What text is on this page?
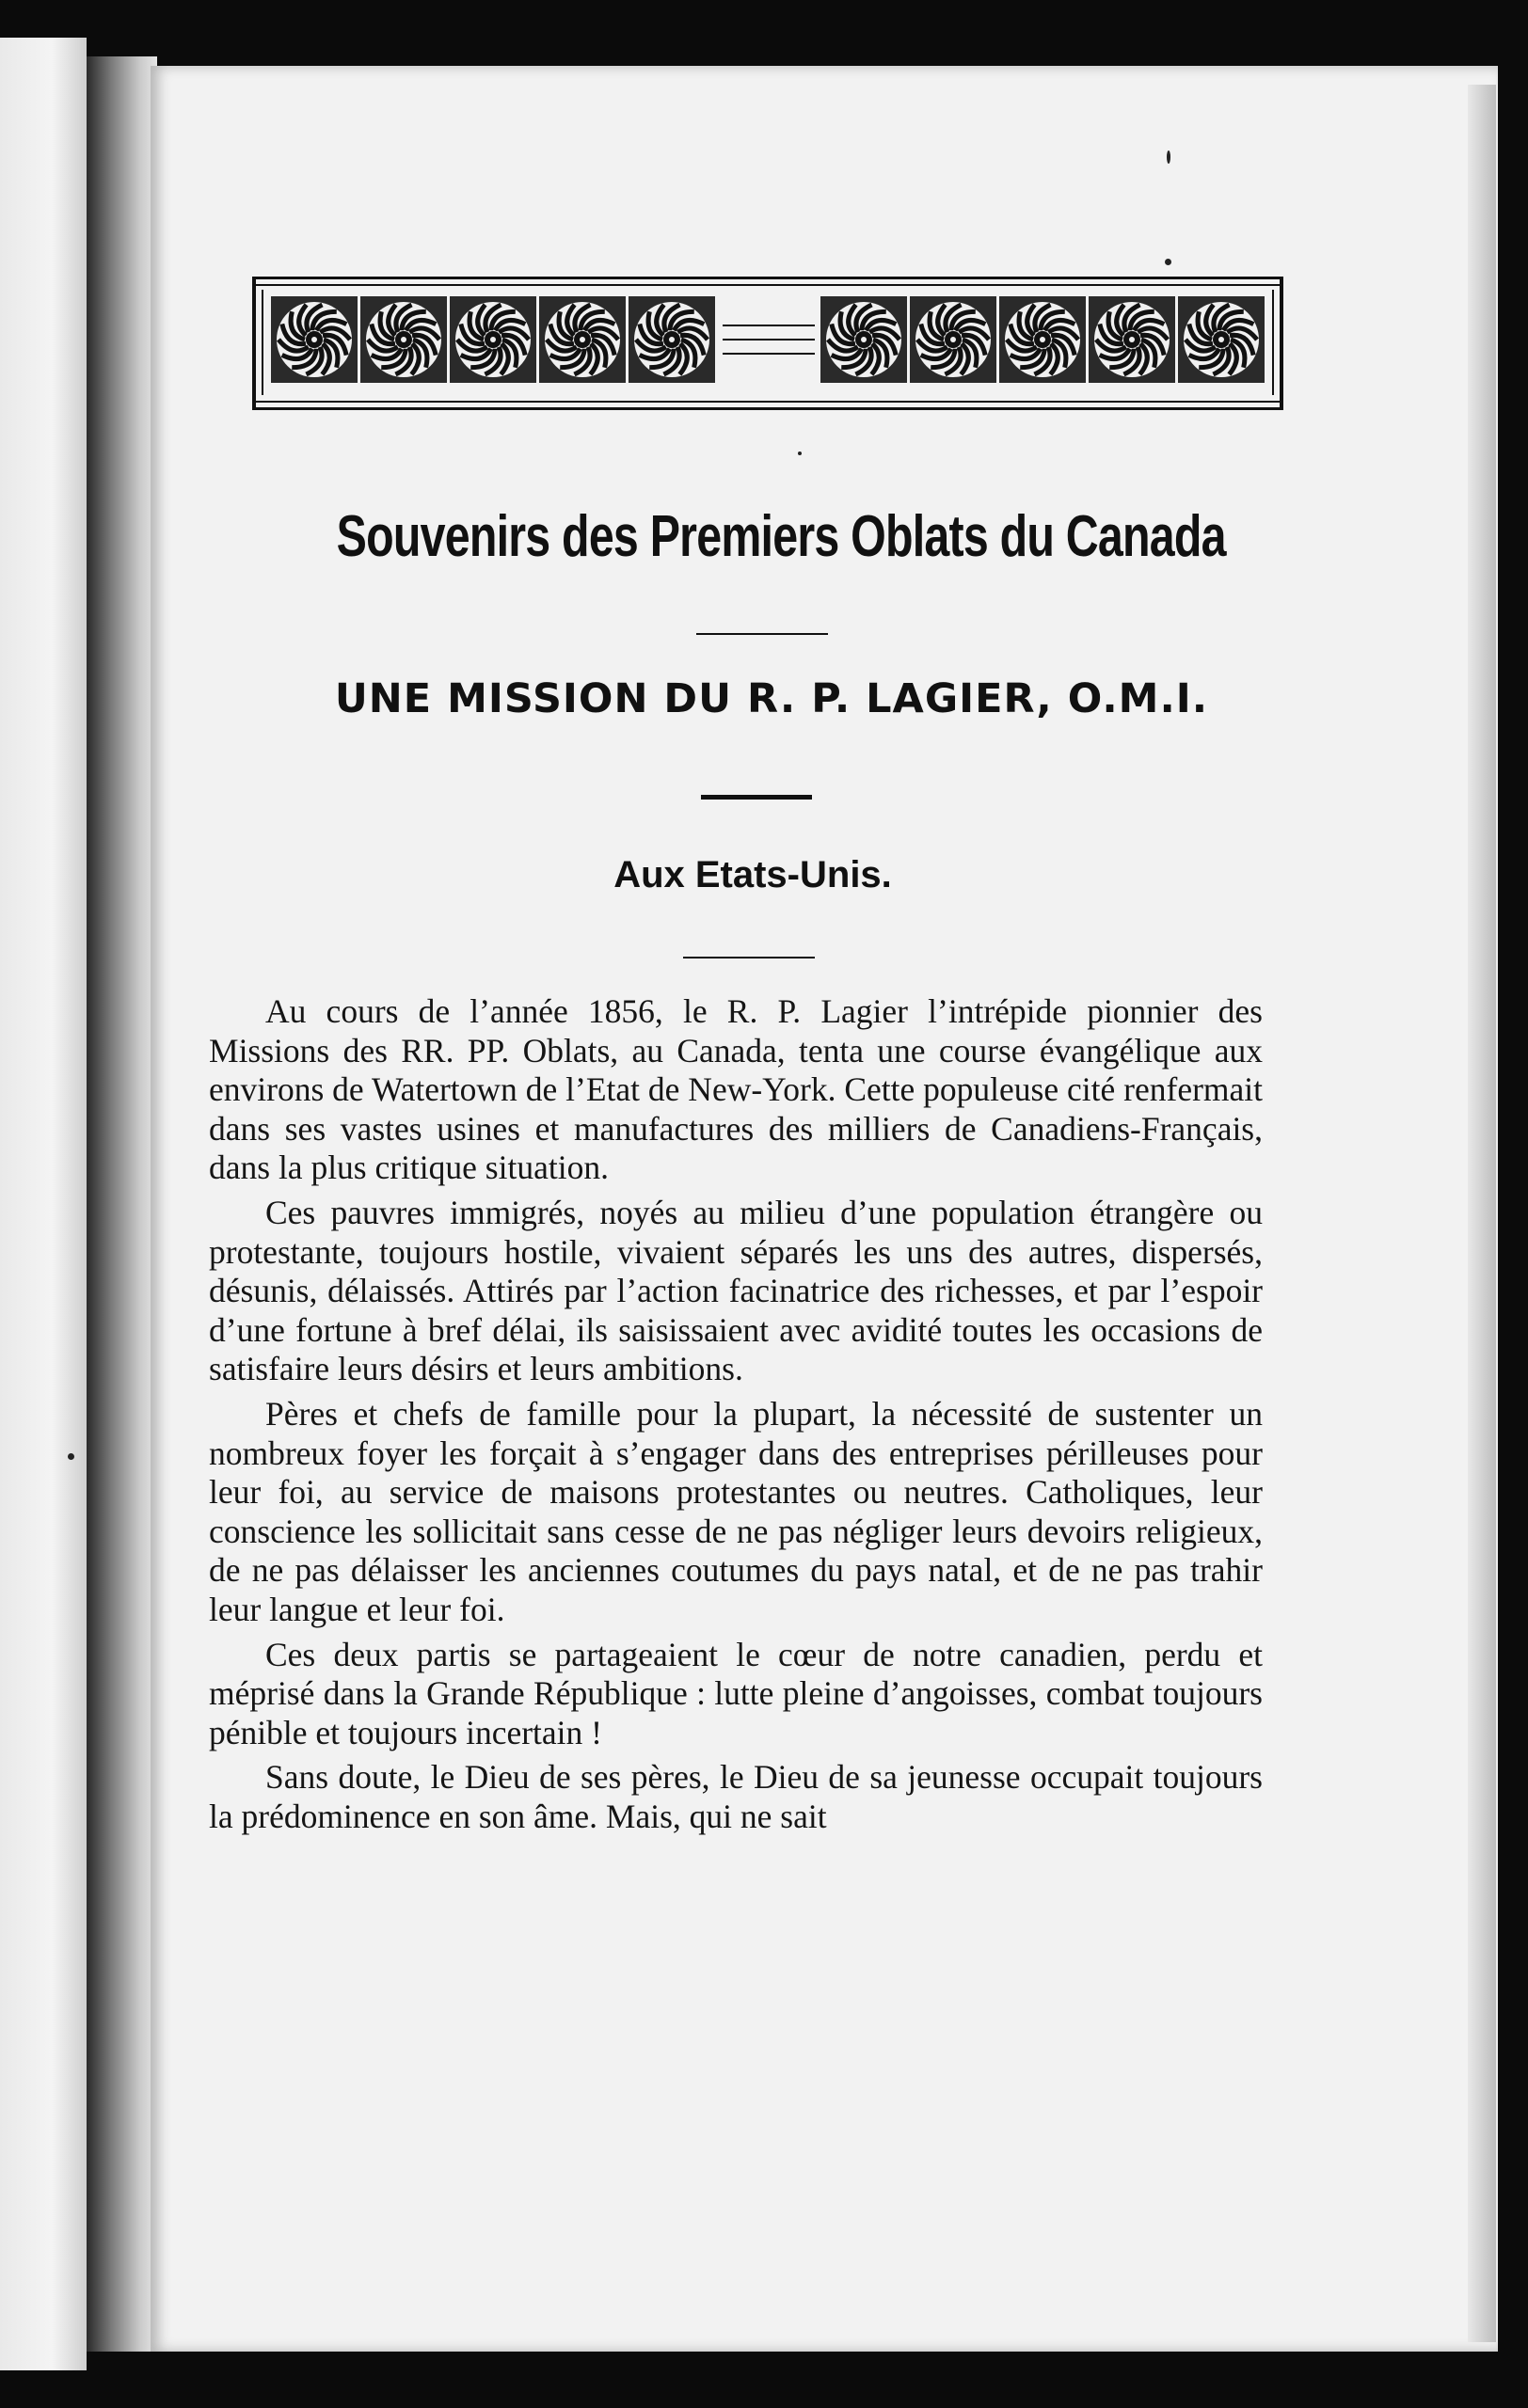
Souvenirs des Premiers Oblats du Canada
UNE MISSION DU R. P. LAGIER, O.M.I.
Aux Etats-Unis.

Au cours de l’année 1856, le R. P. Lagier l’intrépide pionnier des Missions des RR. PP. Oblats, au Canada, tenta une course évangélique aux environs de Watertown de l’Etat de New-York. Cette populeuse cité renfermait dans ses vastes usines et manufactures des milliers de Canadiens-Français, dans la plus critique situation.

Ces pauvres immigrés, noyés au milieu d’une population étrangère ou protestante, toujours hostile, vivaient séparés les uns des autres, dispersés, désunis, délaissés. Attirés par l’action facinatrice des richesses, et par l’espoir d’une fortune à bref délai, ils saisissaient avec avidité toutes les occasions de satisfaire leurs désirs et leurs ambitions.

Pères et chefs de famille pour la plupart, la nécessité de sustenter un nombreux foyer les forçait à s’engager dans des entreprises périlleuses pour leur foi, au service de maisons protestantes ou neutres. Catholiques, leur conscience les sollicitait sans cesse de ne pas négliger leurs devoirs religieux, de ne pas délaisser les anciennes coutumes du pays natal, et de ne pas trahir leur langue et leur foi.

Ces deux partis se partageaient le cœur de notre canadien, perdu et méprisé dans la Grande République : lutte pleine d’angoisses, combat toujours pénible et toujours incertain !

Sans doute, le Dieu de ses pères, le Dieu de sa jeunesse occupait toujours la prédominence en son âme. Mais, qui ne sait
